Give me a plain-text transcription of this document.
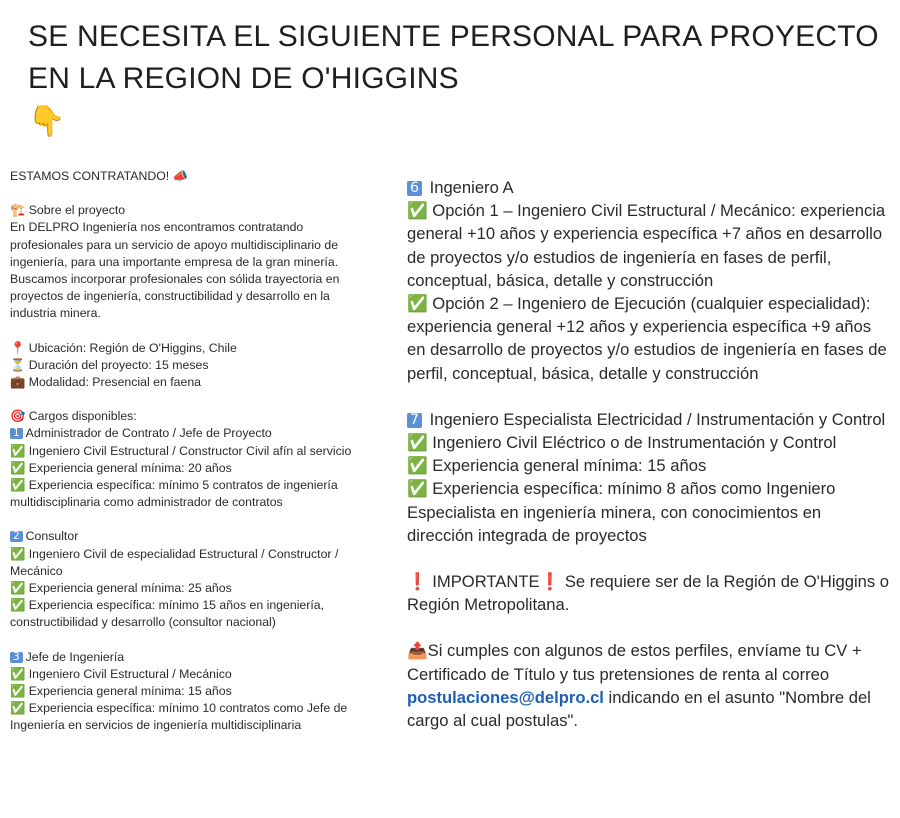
SE NECESITA EL SIGUIENTE PERSONAL PARA PROYECTO
EN LA REGION DE O'HIGGINS
👇
ESTAMOS CONTRATANDO! 📣
🏗️ Sobre el proyecto
En DELPRO Ingeniería nos encontramos contratando profesionales para un servicio de apoyo multidisciplinario de ingeniería, para una importante empresa de la gran minería. Buscamos incorporar profesionales con sólida trayectoria en proyectos de ingeniería, constructibilidad y desarrollo en la industria minera.
📍 Ubicación: Región de O'Higgins, Chile
⏳ Duración del proyecto: 15 meses
💼 Modalidad: Presencial en faena
🎯 Cargos disponibles:
1 Administrador de Contrato / Jefe de Proyecto
✅ Ingeniero Civil Estructural / Constructor Civil afín al servicio
✅ Experiencia general mínima: 20 años
✅ Experiencia específica: mínimo 5 contratos de ingeniería multidisciplinaria como administrador de contratos
2 Consultor
✅ Ingeniero Civil de especialidad Estructural / Constructor / Mecánico
✅ Experiencia general mínima: 25 años
✅ Experiencia específica: mínimo 15 años en ingeniería, constructibilidad y desarrollo (consultor nacional)
3 Jefe de Ingeniería
✅ Ingeniero Civil Estructural / Mecánico
✅ Experiencia general mínima: 15 años
✅ Experiencia específica: mínimo 10 contratos como Jefe de Ingeniería en servicios de ingeniería multidisciplinaria
6 Ingeniero A
✅ Opción 1 – Ingeniero Civil Estructural / Mecánico: experiencia general +10 años y experiencia específica +7 años en desarrollo de proyectos y/o estudios de ingeniería en fases de perfil, conceptual, básica, detalle y construcción
✅ Opción 2 – Ingeniero de Ejecución (cualquier especialidad): experiencia general +12 años y experiencia específica +9 años en desarrollo de proyectos y/o estudios de ingeniería en fases de perfil, conceptual, básica, detalle y construcción
7 Ingeniero Especialista Electricidad / Instrumentación y Control
✅ Ingeniero Civil Eléctrico o de Instrumentación y Control
✅ Experiencia general mínima: 15 años
✅ Experiencia específica: mínimo 8 años como Ingeniero Especialista en ingeniería minera, con conocimientos en dirección integrada de proyectos
❗ IMPORTANTE❗ Se requiere ser de la Región de O'Higgins o Región Metropolitana.
📤Si cumples con algunos de estos perfiles, envíame tu CV + Certificado de Título y tus pretensiones de renta al correo postulaciones@delpro.cl indicando en el asunto "Nombre del cargo al cual postulas".
